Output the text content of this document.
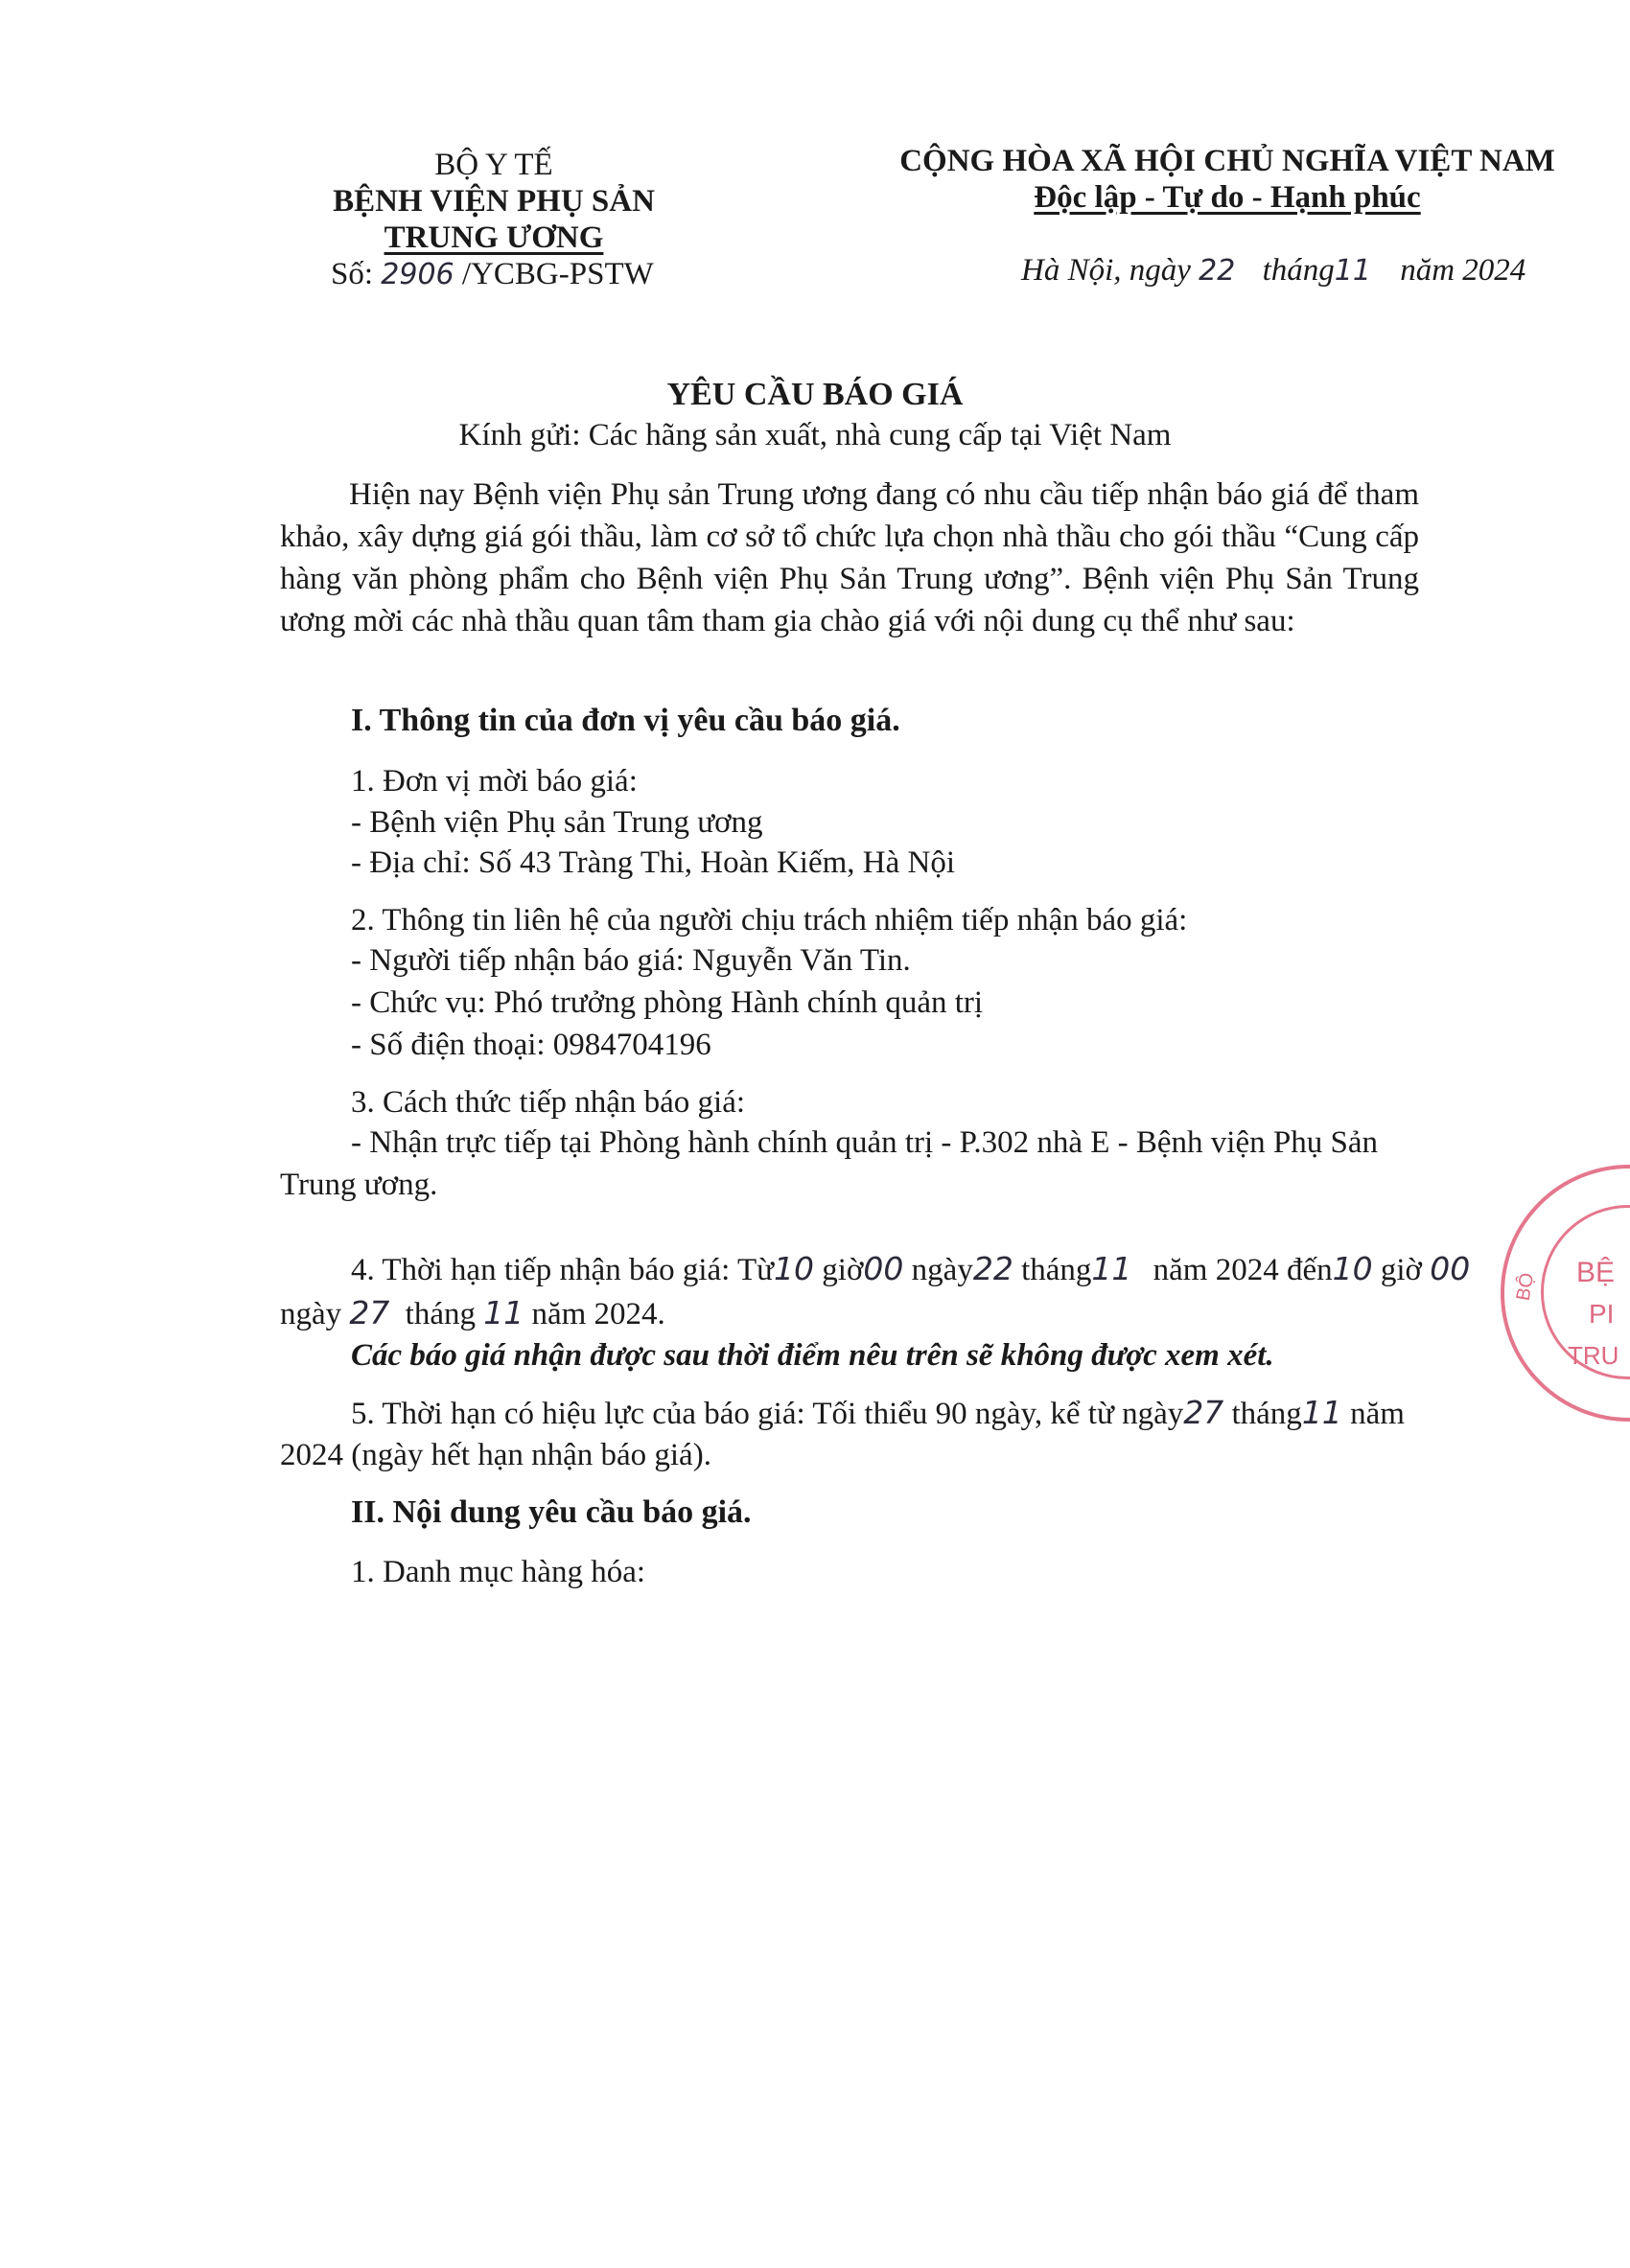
BỘ Y TẾ
BỆNH VIỆN PHỤ SẢN
TRUNG ƯƠNG
Số: 2906 /YCBG-PSTW
CỘNG HÒA XÃ HỘI CHỦ NGHĨA VIỆT NAM
Độc lập - Tự do - Hạnh phúc
Hà Nội, ngày 22 tháng11 năm 2024
YÊU CẦU BÁO GIÁ
Kính gửi: Các hãng sản xuất, nhà cung cấp tại Việt Nam
Hiện nay Bệnh viện Phụ sản Trung ương đang có nhu cầu tiếp nhận báo giá để tham khảo, xây dựng giá gói thầu, làm cơ sở tổ chức lựa chọn nhà thầu cho gói thầu “Cung cấp hàng văn phòng phẩm cho Bệnh viện Phụ Sản Trung ương”. Bệnh viện Phụ Sản Trung ương mời các nhà thầu quan tâm tham gia chào giá với nội dung cụ thể như sau:
I. Thông tin của đơn vị yêu cầu báo giá.
1. Đơn vị mời báo giá:
- Bệnh viện Phụ sản Trung ương
- Địa chỉ: Số 43 Tràng Thi, Hoàn Kiếm, Hà Nội
2. Thông tin liên hệ của người chịu trách nhiệm tiếp nhận báo giá:
- Người tiếp nhận báo giá: Nguyễn Văn Tin.
- Chức vụ: Phó trưởng phòng Hành chính quản trị
- Số điện thoại: 0984704196
3. Cách thức tiếp nhận báo giá:
- Nhận trực tiếp tại Phòng hành chính quản trị - P.302 nhà E - Bệnh viện Phụ Sản
Trung ương.
4. Thời hạn tiếp nhận báo giá: Từ10 giờ00 ngày22 tháng11 năm 2024 đến10 giờ 00
ngày 27 tháng 11 năm 2024.
Các báo giá nhận được sau thời điểm nêu trên sẽ không được xem xét.
5. Thời hạn có hiệu lực của báo giá: Tối thiểu 90 ngày, kể từ ngày27 tháng11 năm
2024 (ngày hết hạn nhận báo giá).
II. Nội dung yêu cầu báo giá.
1. Danh mục hàng hóa:
BỆ
PI
TRU
BỘ
